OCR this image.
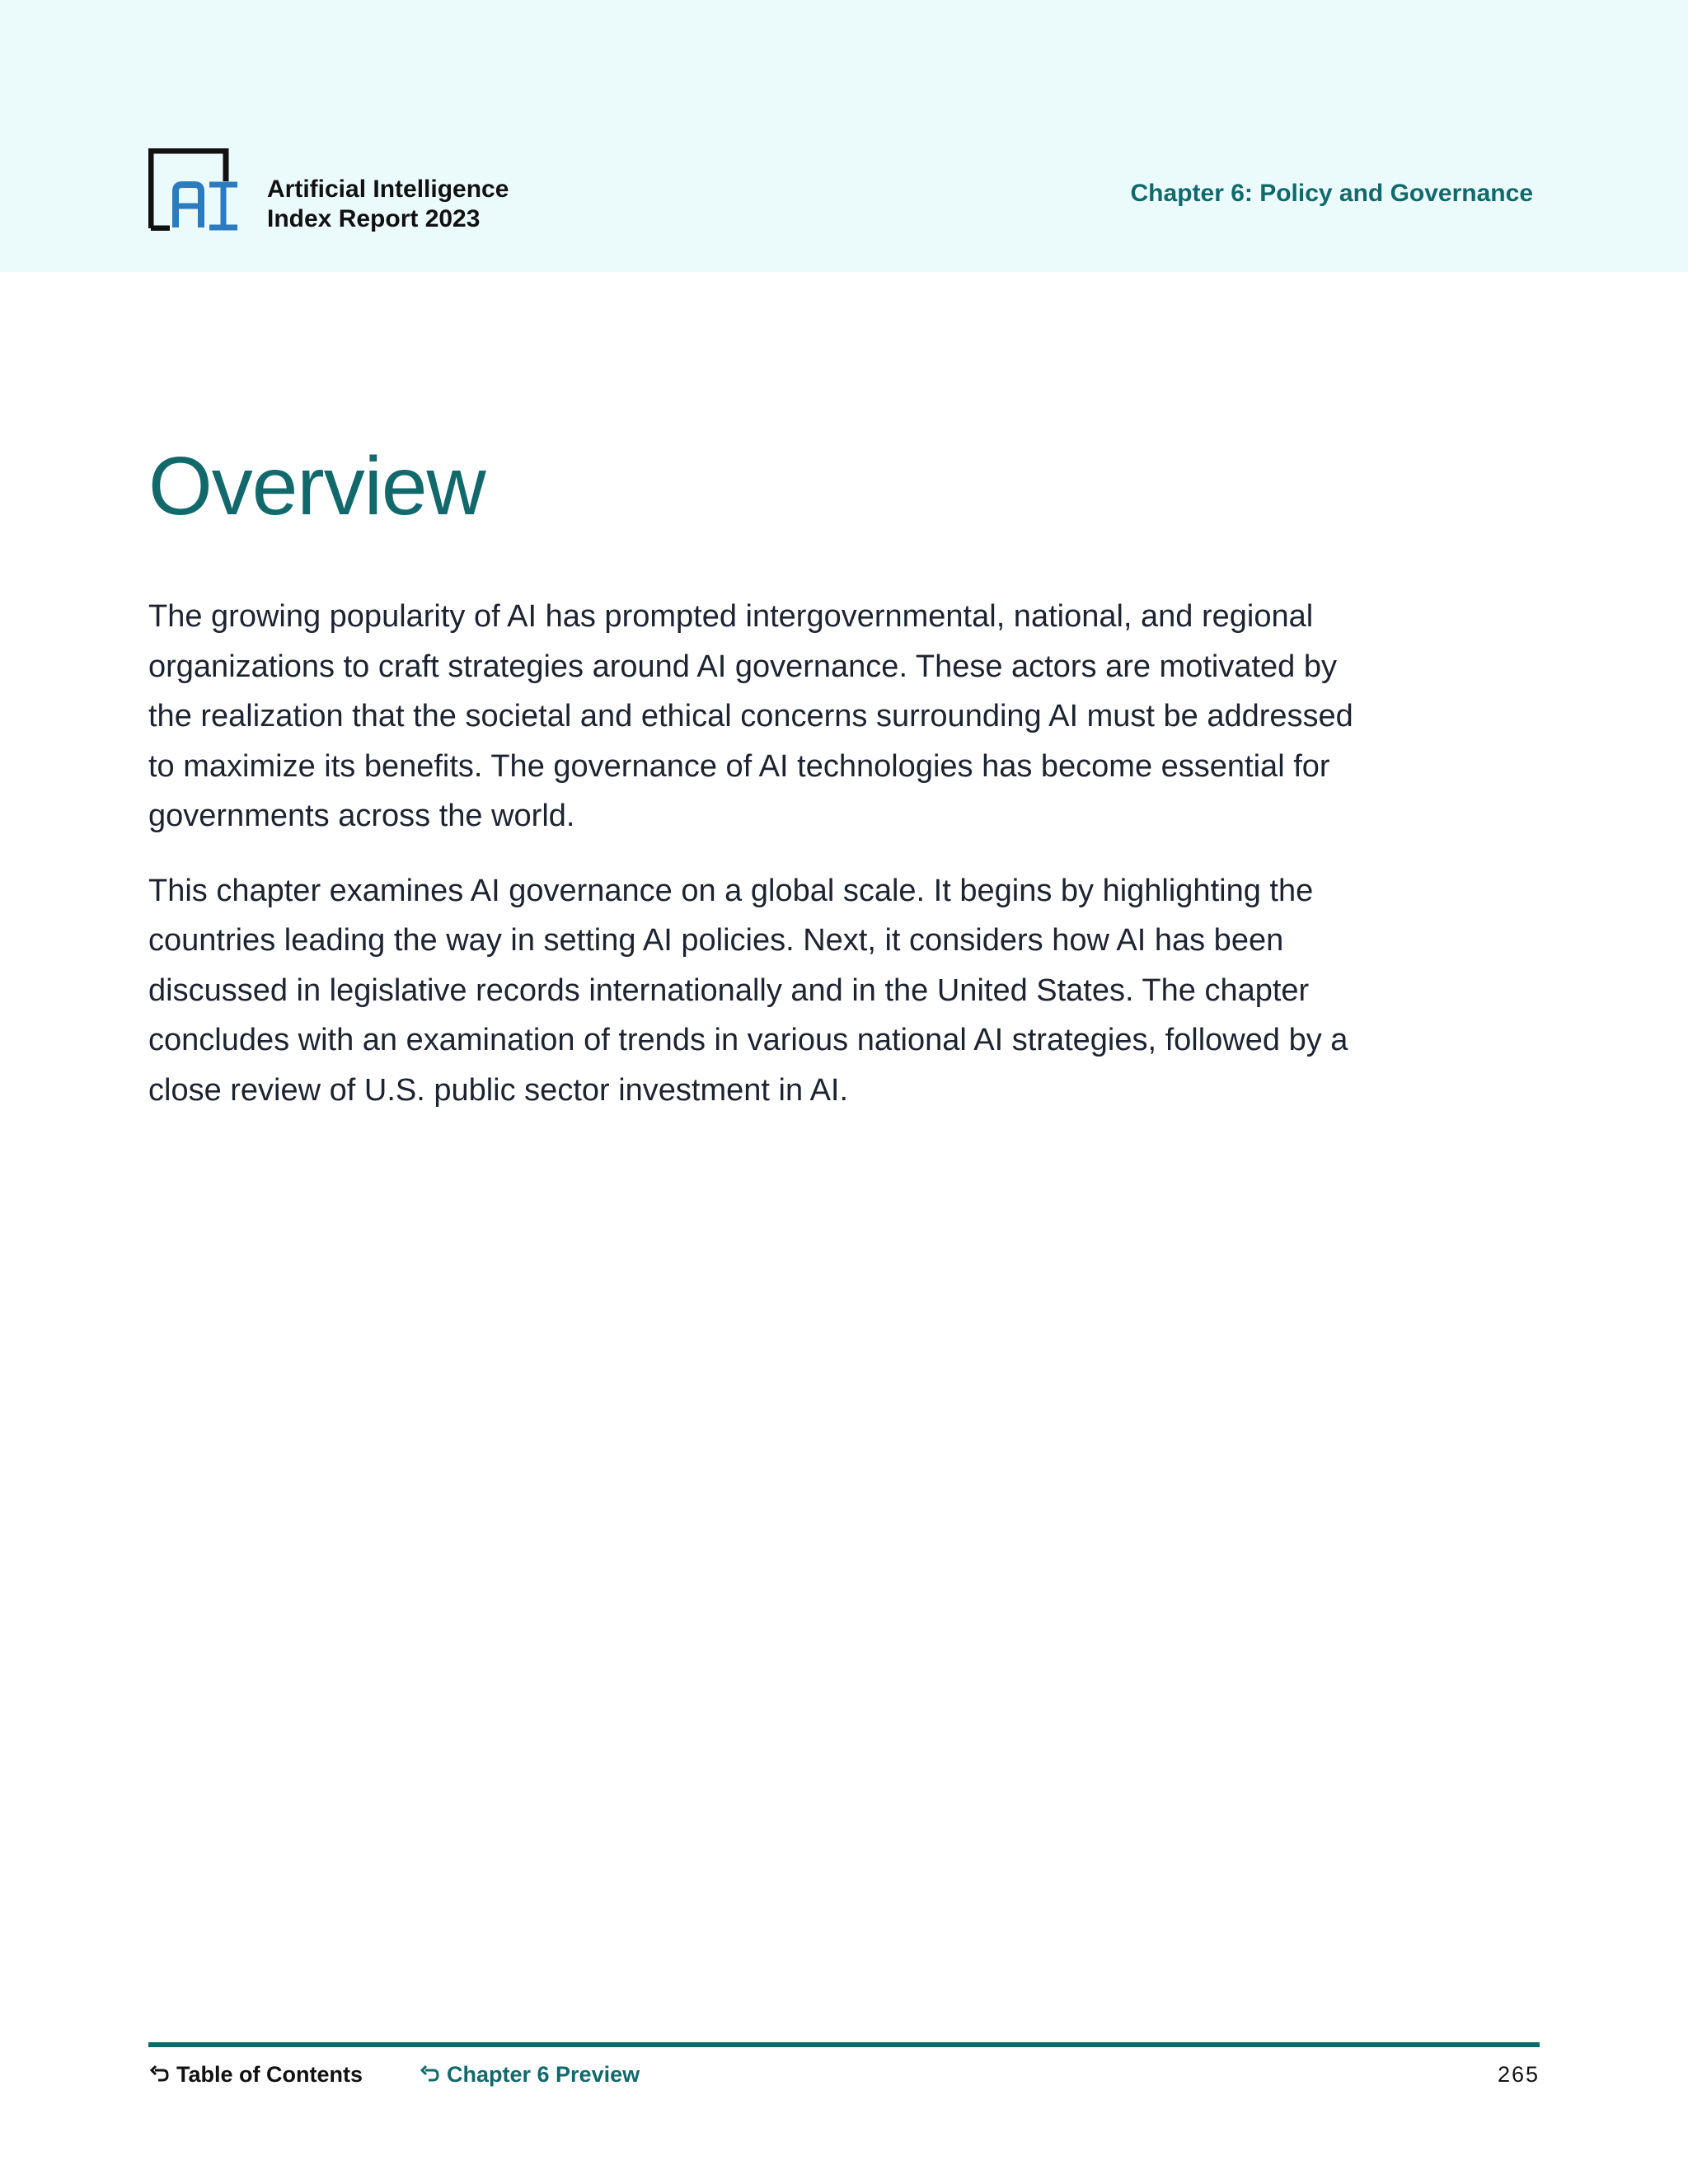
Artificial Intelligence
Index Report 2023
Chapter 6: Policy and Governance
Overview

The growing popularity of AI has prompted intergovernmental, national, and regional organizations to craft strategies around AI governance. These actors are motivated by the realization that the societal and ethical concerns surrounding AI must be addressed to maximize its benefits. The governance of AI technologies has become essential for governments across the world.

This chapter examines AI governance on a global scale. It begins by highlighting the countries leading the way in setting AI policies. Next, it considers how AI has been discussed in legislative records internationally and in the United States. The chapter concludes with an examination of trends in various national AI strategies, followed by a close review of U.S. public sector investment in AI.

Table of Contents	Chapter 6 Preview	265
